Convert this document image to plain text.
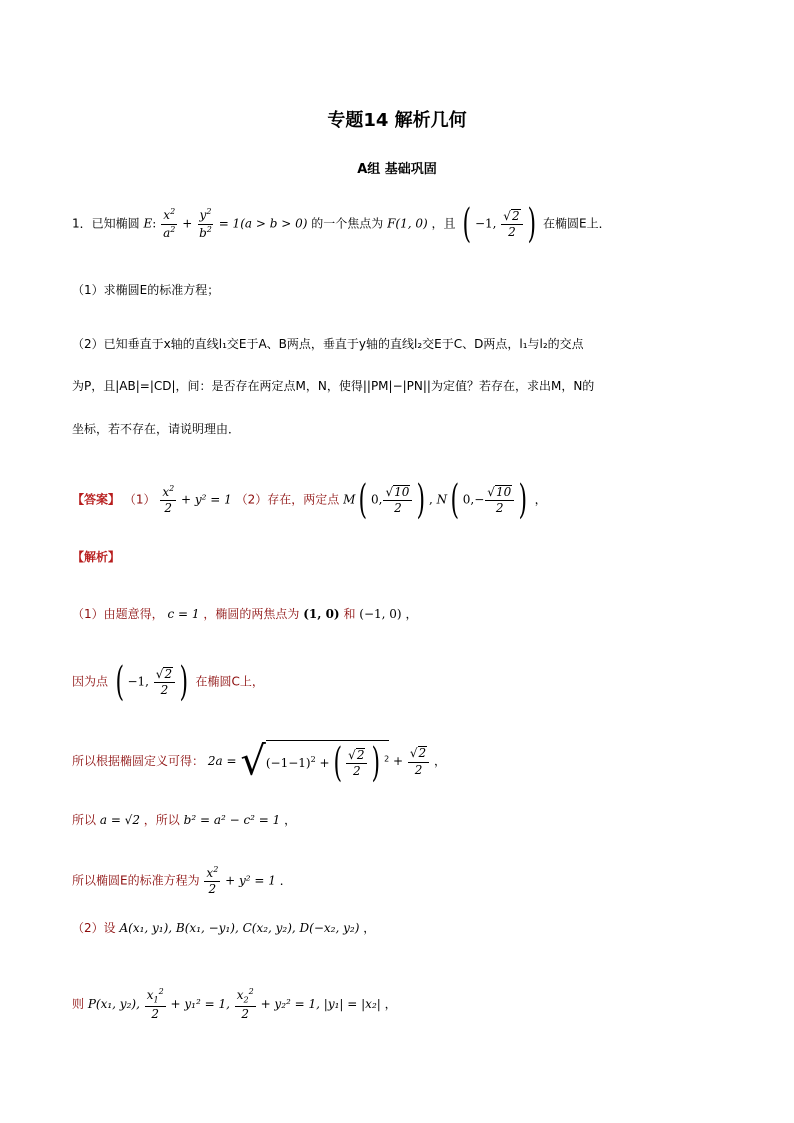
专题14 解析几何
A组 基础巩固
1．已知椭圆 E: $\frac{x^2}{a^2} + \frac{y^2}{b^2} = 1(a > b > 0)$ 的一个焦点为 F(1, 0) ，且 ( −1, $\frac{√2}{2}$ ) 在椭圆E上．
（1）求椭圆E的标准方程；
（2）已知垂直于x轴的直线l₁交E于A、B两点，垂直于y轴的直线l₂交E于C、D两点，l₁与l₂的交点
为P，且|AB|=|CD|，间：是否存在两定点M，N，使得||PM|−|PN||为定值？若存在，求出M，N的
坐标，若不存在，请说明理由．
【答案】 $(1) \frac{x^2}{2} + y^2 = 1$ （2）存在，两定点 M( 0, $\frac{√10}{2}$ ) , N( $0,- \frac{√10}{2}$ ) ，
【解析】
（1）由题意得， c = 1 ，椭圆的两焦点为 (1, 0) 和 (−1, 0) ，
因为点 ( −1, $\frac{√2}{2}$ ) 在椭圆C上，
所以根据椭圆定义可得： $2a = √(-1-1)^2$ +( $\frac{√2}{2}$ ) $^2 + \frac{√2}{2}$ ，
所以 a = √2 ，所以 b² = a² − c² = 1 ，
所以椭圆E的标准方程为 $\frac{x^2}{2} + y^2 = 1$ ．
（2）设 A(x₁, y₁), B(x₁, −y₁), C(x₂, y₂), D(−x₂, y₂) ，
则 P(x₁, y₂), $\frac{x_1^2}{2} + y_1^2 = 1$, $\frac{x_2^2}{2} + y_2^2 = 1$, |y₁| = |x₂| ，
